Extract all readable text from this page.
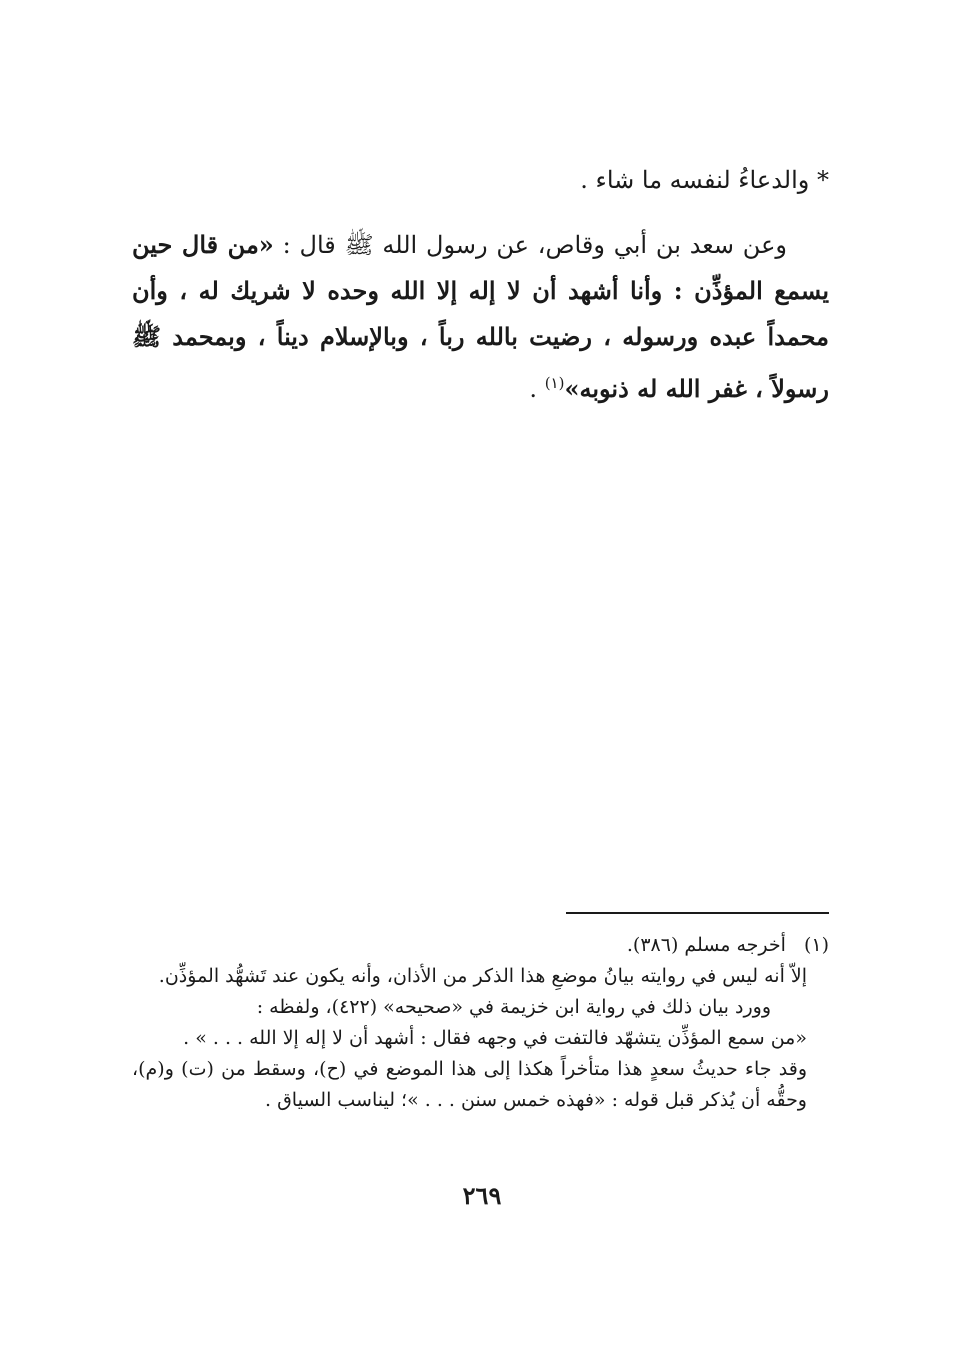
* والدعاءُ لنفسه ما شاء .

وعن سعد بن أبي وقاص، عن رسول الله ﷺ قال : «من قال حين يسمع المؤذِّن : وأنا أشهد أن لا إله إلا الله وحده لا شريك له ، وأن محمداً عبده ورسوله ، رضيت بالله رباً ، وبالإسلام ديناً ، وبمحمد ﷺ رسولاً ، غفر الله له ذنوبه»$^{(١)}$ .

(١)أخرجه مسلم (٣٨٦).

إلاّ أنه ليس في روايته بيانُ موضعِ هذا الذكر من الأذان، وأنه يكون عند تَشهُّد المؤذِّن.

وورد بيان ذلك في رواية ابن خزيمة في «صحيحه» (٤٢٢)، ولفظه :

«من سمع المؤذِّن يتشهّد فالتفت في وجهه فقال : أشهد أن لا إله إلا الله . . . » .

وقد جاء حديثُ سعدٍ هذا متأخراً هكذا إلى هذا الموضع في (ح)، وسقط من (ت) و(م)، وحقُّه أن يُذكر قبل قوله : «فهذه خمس سنن . . . »؛ ليناسب السياق .

٢٦٩
